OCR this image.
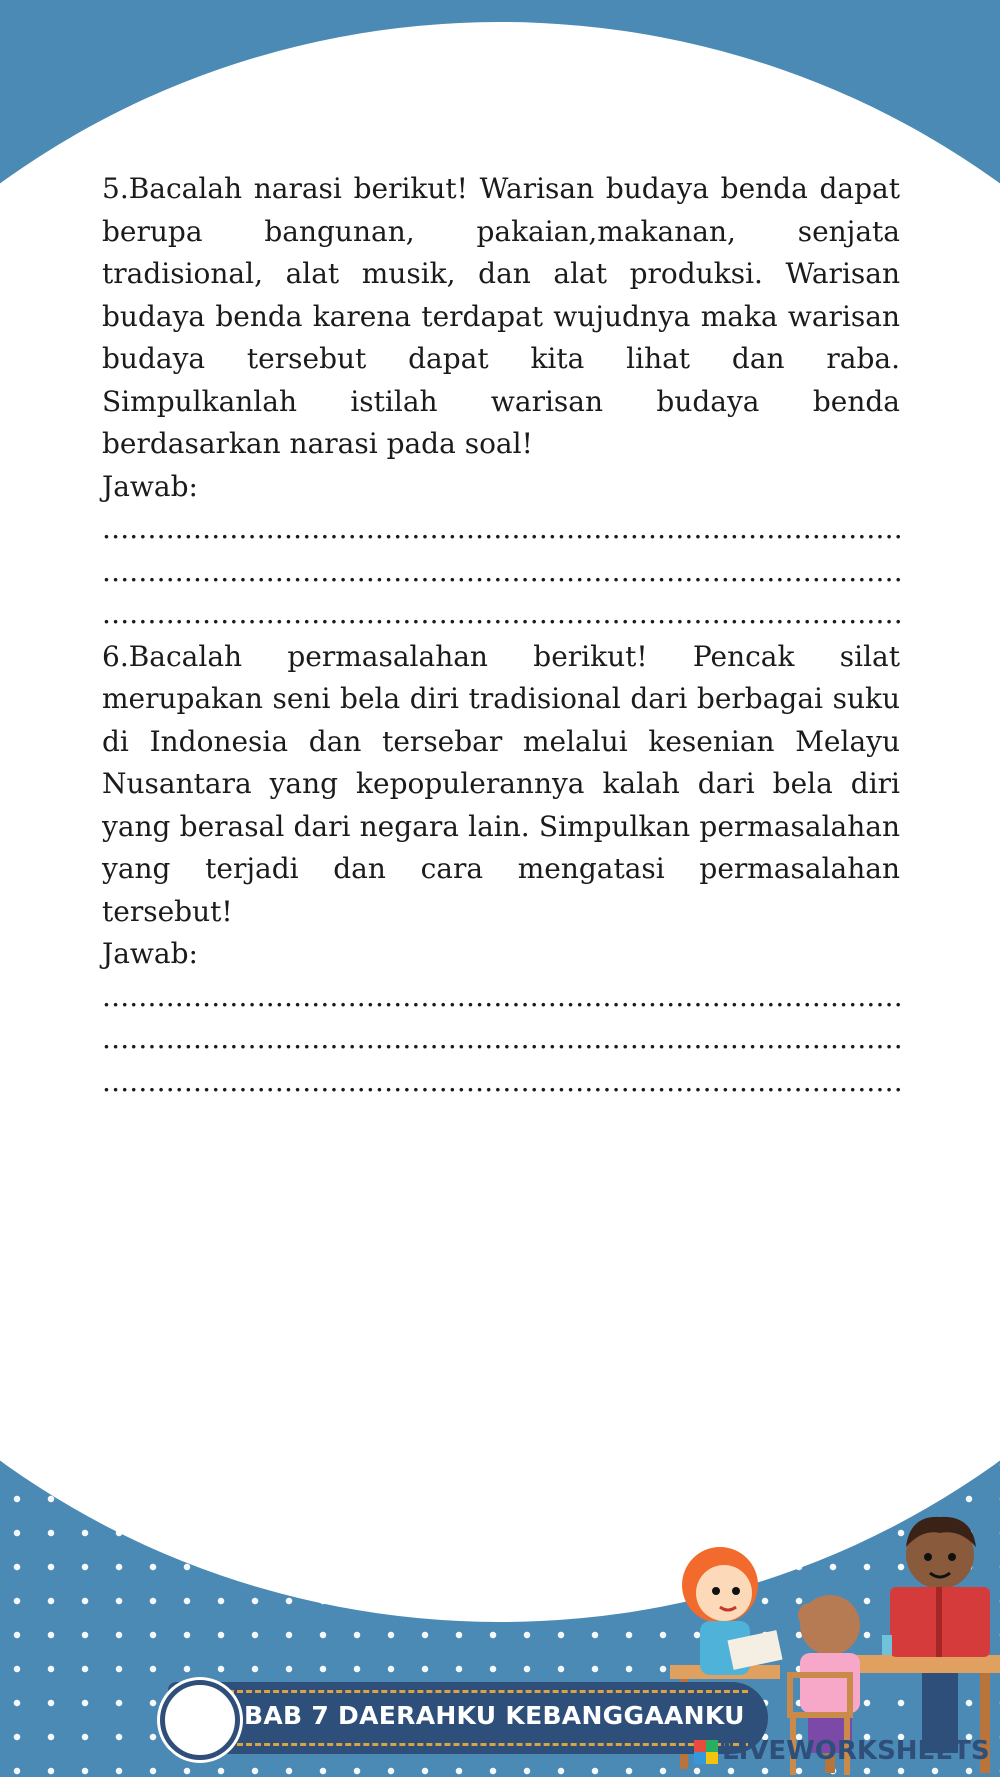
5.Bacalah narasi berikut! Warisan budaya benda dapat berupa bangunan, pakaian,makanan, senjata tradisional, alat musik, dan alat produksi. Warisan budaya benda karena terdapat wujudnya maka warisan budaya tersebut dapat kita lihat dan raba. Simpulkanlah istilah warisan budaya benda berdasarkan narasi pada soal!

Jawab:

.....

.....

.....

6.Bacalah permasalahan berikut! Pencak silat merupakan seni bela diri tradisional dari berbagai suku di Indonesia dan tersebar melalui kesenian Melayu Nusantara yang kepopulerannya kalah dari bela diri yang berasal dari negara lain. Simpulkan permasalahan yang terjadi dan cara mengatasi permasalahan tersebut!

Jawab:

.....

.....

.....

BAB 7 DAERAHKU KEBANGGAANKU
LIVEWORKSHEETS
